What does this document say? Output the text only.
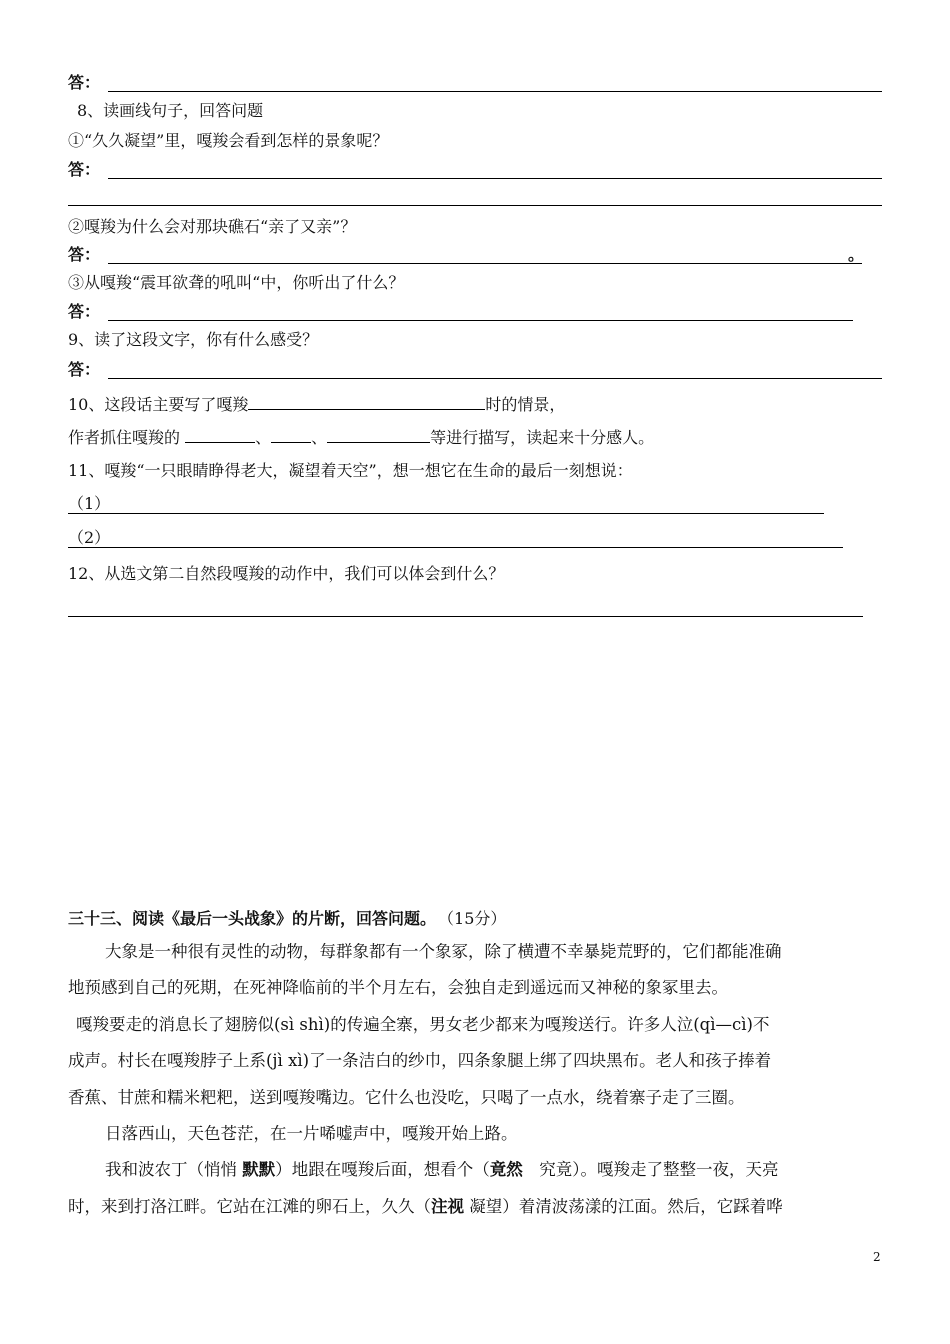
答：
8、读画线句子，回答问题
①“久久凝望”里，嘎羧会看到怎样的景象呢？
答：
②嘎羧为什么会对那块礁石“亲了又亲”？
答：	。
③从嘎羧“震耳欲聋的吼叫“中，你听出了什么？
答：
9、读了这段文字，你有什么感受？
答：
10、这段话主要写了嘎羧	时的情景，
作者抓住嘎羧的	、	、	等进行描写，读起来十分感人。
11、嘎羧“一只眼睛睁得老大，凝望着天空”，想一想它在生命的最后一刻想说：
（1）
（2）
12、从选文第二自然段嘎羧的动作中，我们可以体会到什么？
三十三、阅读《最后一头战象》的片断，回答问题。 （15分）
大象是一种很有灵性的动物，每群象都有一个象冢，除了横遭不幸暴毙荒野的，它们都能准确
地预感到自己的死期，在死神降临前的半个月左右，会独自走到遥远而又神秘的象冢里去。
嘎羧要走的消息长了翅膀似(sì shì)的传遍全寨，男女老少都来为嘎羧送行。许多人泣(qì—cì)不
成声。村长在嘎羧脖子上系(jì xì)了一条洁白的纱巾，四条象腿上绑了四块黑布。老人和孩子捧着
香蕉、甘蔗和糯米粑粑，送到嘎羧嘴边。它什么也没吃，只喝了一点水，绕着寨子走了三圈。
日落西山，天色苍茫，在一片唏嘘声中，嘎羧开始上路。
我和波农丁（悄悄 默默）地跟在嘎羧后面，想看个（竟然　究竟）。嘎羧走了整整一夜，天亮
时，来到打洛江畔。它站在江滩的卵石上，久久（注视 凝望）着清波荡漾的江面。然后，它踩着哗
2
